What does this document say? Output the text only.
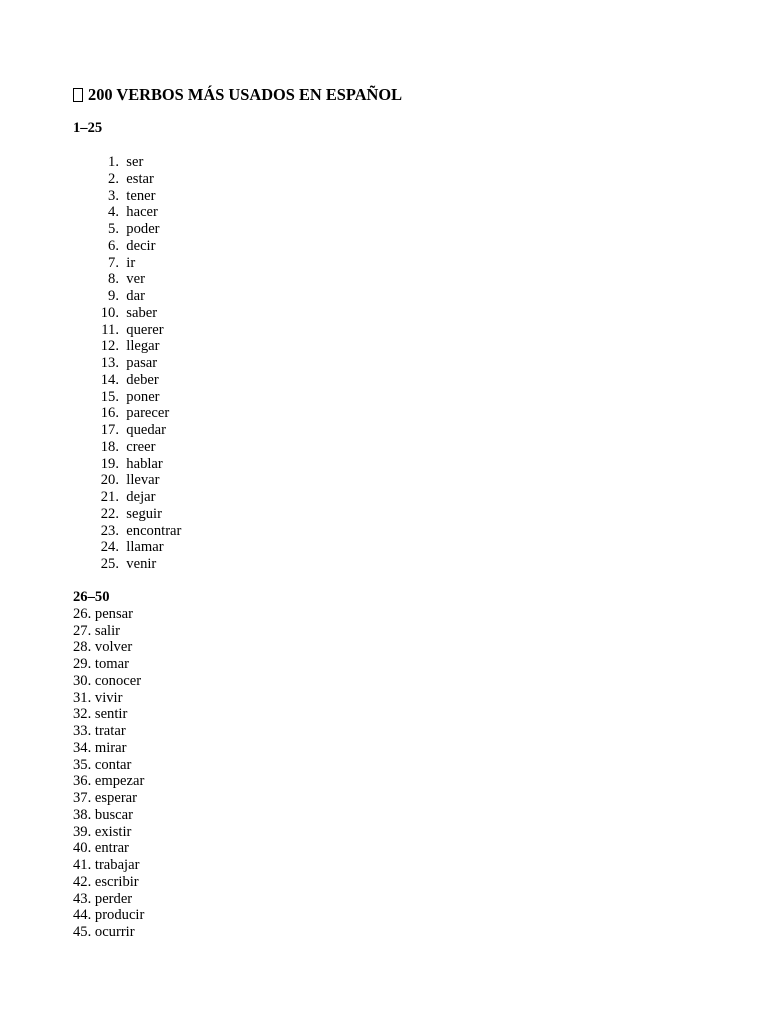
200 VERBOS MÁS USADOS EN ESPAÑOL
1–25
1. ser
2. estar
3. tener
4. hacer
5. poder
6. decir
7. ir
8. ver
9. dar
10. saber
11. querer
12. llegar
13. pasar
14. deber
15. poner
16. parecer
17. quedar
18. creer
19. hablar
20. llevar
21. dejar
22. seguir
23. encontrar
24. llamar
25. venir
26–50
26. pensar
27. salir
28. volver
29. tomar
30. conocer
31. vivir
32. sentir
33. tratar
34. mirar
35. contar
36. empezar
37. esperar
38. buscar
39. existir
40. entrar
41. trabajar
42. escribir
43. perder
44. producir
45. ocurrir
